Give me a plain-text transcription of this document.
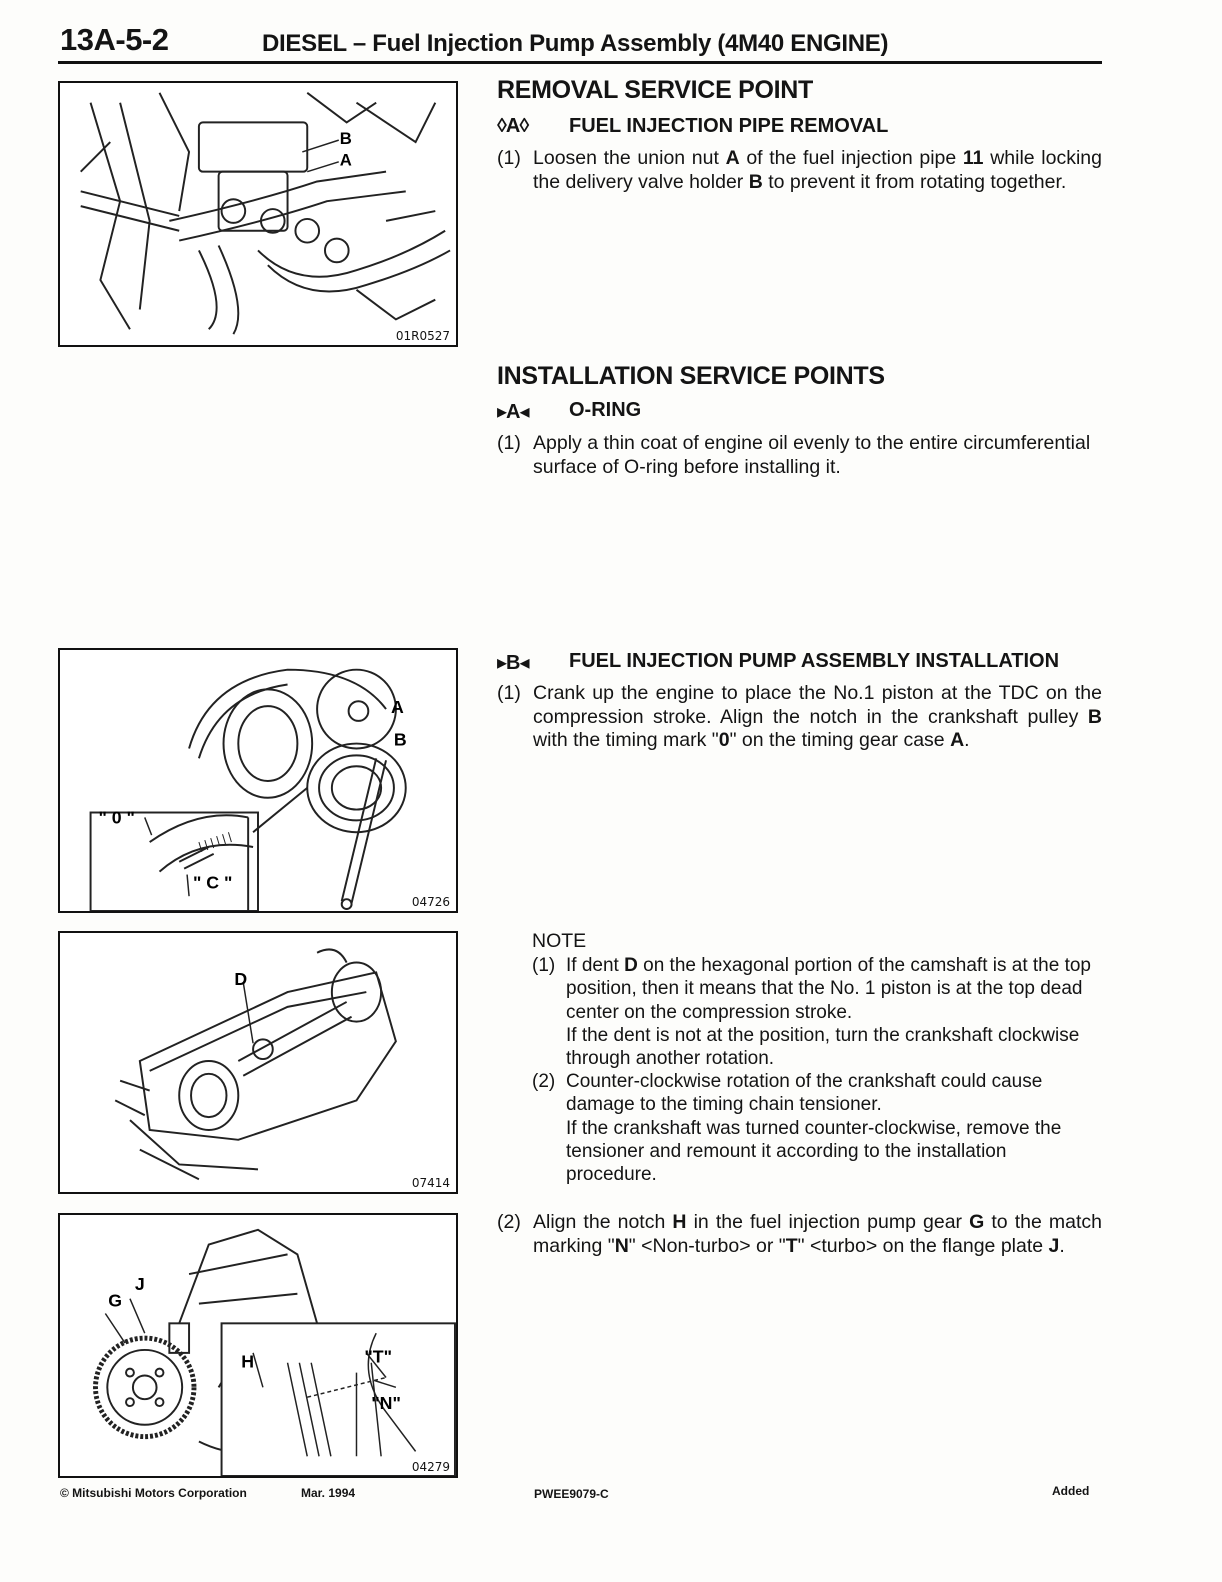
13A-5-2	DIESEL – Fuel Injection Pump Assembly (4M40 ENGINE)
B
A
01R0527
REMOVAL SERVICE POINT
◊A◊	FUEL INJECTION PIPE REMOVAL
(1) Loosen the union nut A of the fuel injection pipe 11 while locking the delivery valve holder B to prevent it from rotating together.
INSTALLATION SERVICE POINTS
▸A◂	O-RING
(1) Apply a thin coat of engine oil evenly to the entire circumferential surface of O-ring before installing it.
A
B
" 0 "
" C "
04726
▸B◂	FUEL INJECTION PUMP ASSEMBLY INSTALLATION
(1) Crank up the engine to place the No.1 piston at the TDC on the compression stroke. Align the notch in the crankshaft pulley B with the timing mark "0" on the timing gear case A.
D
07414
NOTE
(1) If dent D on the hexagonal portion of the camshaft is at the top position, then it means that the No. 1 piston is at the top dead center on the compression stroke.
If the dent is not at the position, turn the crankshaft clockwise through another rotation.
(2) Counter-clockwise rotation of the crankshaft could cause damage to the timing chain tensioner.
If the crankshaft was turned counter-clockwise, remove the tensioner and remount it according to the installation procedure.
J
G
H	"T"
"N"
04279
(2) Align the notch H in the fuel injection pump gear G to the match marking "N" <Non-turbo> or "T" <turbo> on the flange plate J.
© Mitsubishi Motors Corporation	Mar. 1994	PWEE9079-C	Added
